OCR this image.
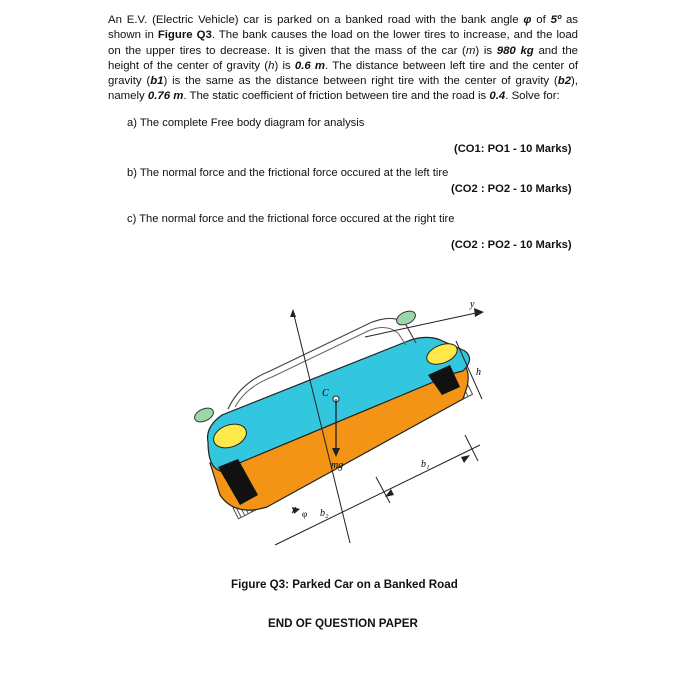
An E.V. (Electric Vehicle) car is parked on a banked road with the bank angle φ of 5º as shown in Figure Q3. The bank causes the load on the lower tires to increase, and the load on the upper tires to decrease. It is given that the mass of the car (m) is 980 kg and the height of the center of gravity (h) is 0.6 m. The distance between left tire and the center of gravity (b1) is the same as the distance between right tire with the center of gravity (b2), namely 0.76 m. The static coefficient of friction between tire and the road is 0.4. Solve for:
a) The complete Free body diagram for analysis
(CO1: PO1 - 10 Marks)
b) The normal force and the frictional force occured at the left tire
(CO2 : PO2 - 10 Marks)
c) The normal force and the frictional force occured at the right tire
(CO2 : PO2 - 10 Marks)
y
C
mg	b₁
b₂
h
φ
Figure Q3: Parked Car on a Banked Road
END OF QUESTION PAPER
